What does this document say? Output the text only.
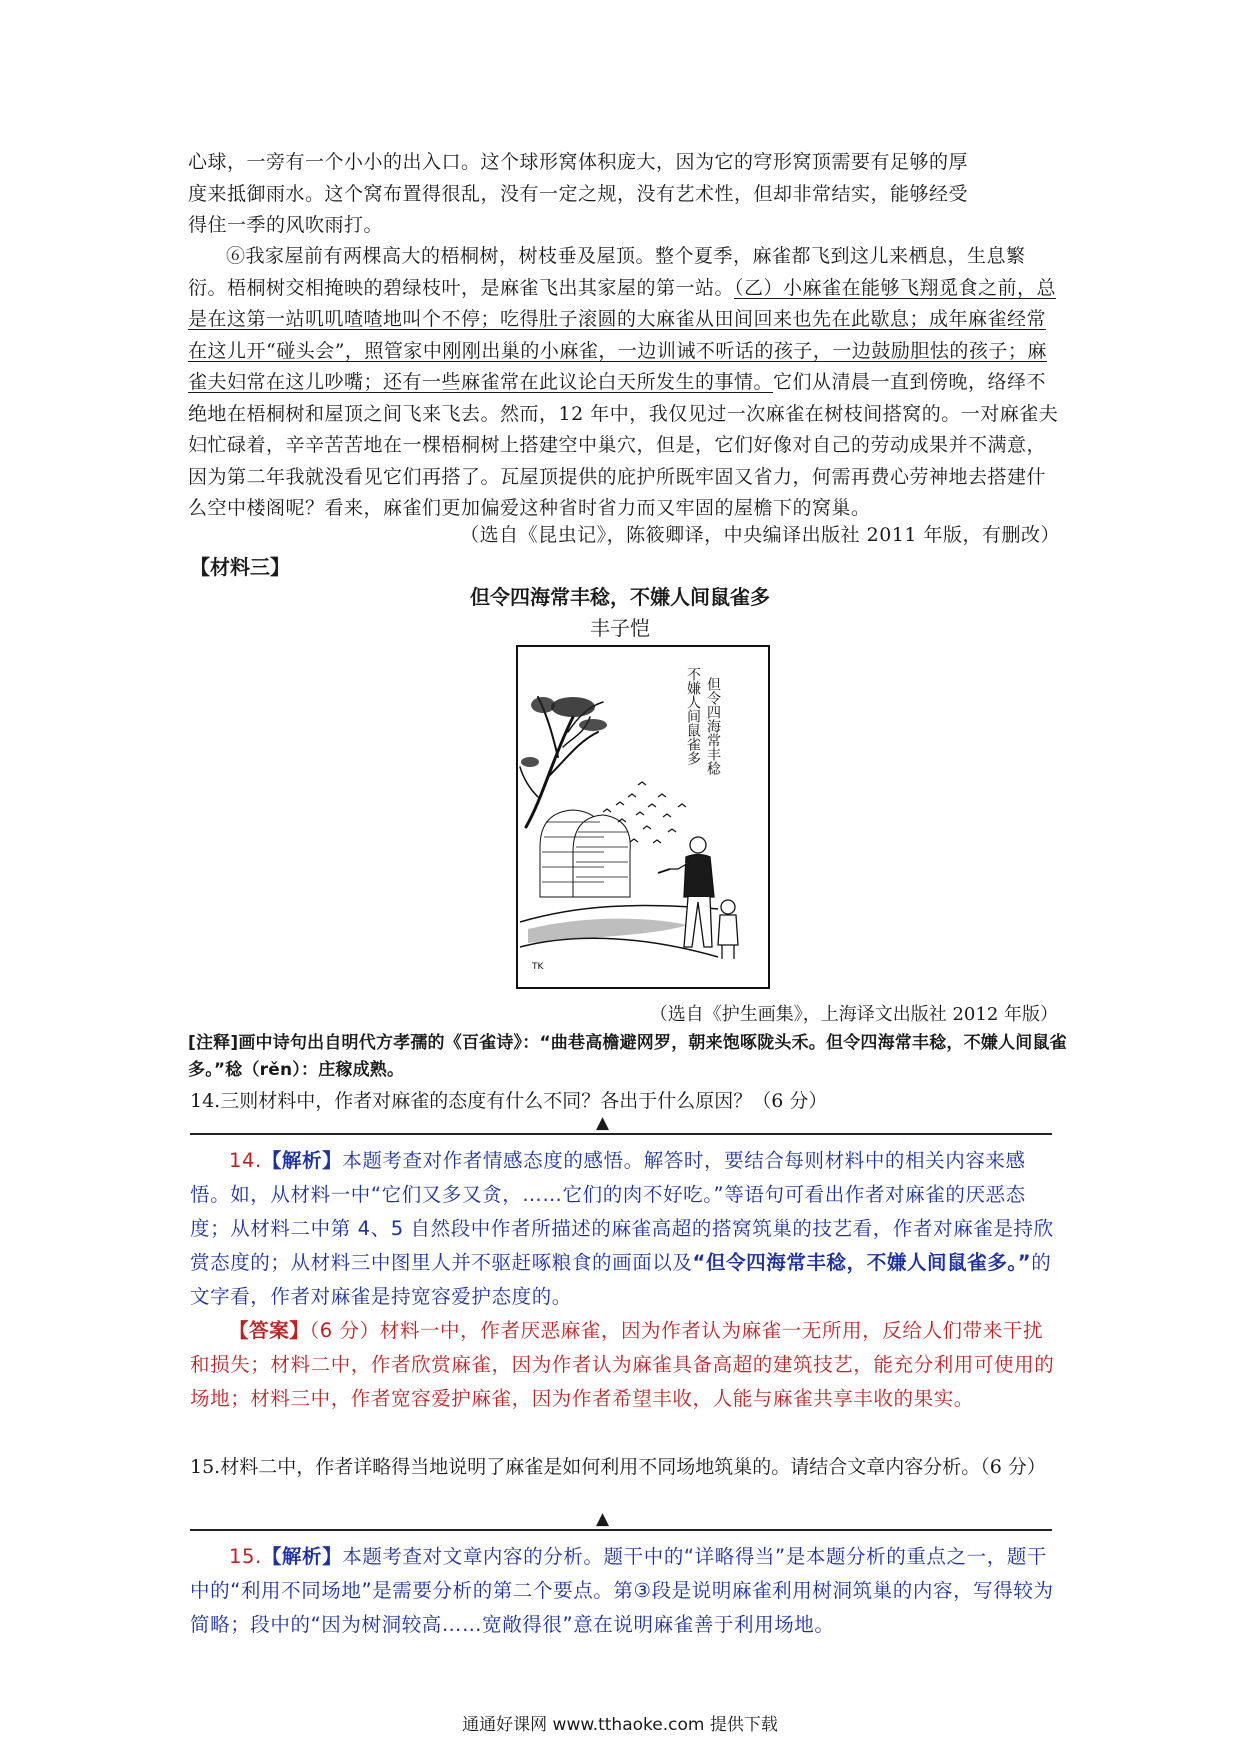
心球，一旁有一个小小的出入口。这个球形窝体积庞大，因为它的穹形窝顶需要有足够的厚

度来抵御雨水。这个窝布置得很乱，没有一定之规，没有艺术性，但却非常结实，能够经受

得住一季的风吹雨打。

⑥我家屋前有两棵高大的梧桐树，树枝垂及屋顶。整个夏季，麻雀都飞到这儿来栖息，生息繁衍。梧桐树交相掩映的碧绿枝叶，是麻雀飞出其家屋的第一站。（乙）小麻雀在能够飞翔觅食之前，总是在这第一站叽叽喳喳地叫个不停；吃得肚子滚圆的大麻雀从田间回来也先在此歇息；成年麻雀经常在这儿开“碰头会”，照管家中刚刚出巢的小麻雀，一边训诫不听话的孩子，一边鼓励胆怯的孩子；麻雀夫妇常在这儿吵嘴；还有一些麻雀常在此议论白天所发生的事情。它们从清晨一直到傍晚，络绎不绝地在梧桐树和屋顶之间飞来飞去。然而，12 年中，我仅见过一次麻雀在树枝间搭窝的。一对麻雀夫妇忙碌着，辛辛苦苦地在一棵梧桐树上搭建空中巢穴，但是，它们好像对自己的劳动成果并不满意，因为第二年我就没看见它们再搭了。瓦屋顶提供的庇护所既牢固又省力，何需再费心劳神地去搭建什么空中楼阁呢？看来，麻雀们更加偏爱这种省时省力而又牢固的屋檐下的窝巢。
（选自《昆虫记》，陈筱卿译，中央编译出版社 2011 年版，有删改）
【材料三】
但令四海常丰稔，不嫌人间鼠雀多
丰子恺
但令四海常丰稔
不嫌人间鼠雀多
TK
（选自《护生画集》，上海译文出版社 2012 年版）
[注释]画中诗句出自明代方孝孺的《百雀诗》：“曲巷高檐避网罗，朝来饱啄陇头禾。但令四海常丰稔，不嫌人间鼠雀多。”稔（rěn）：庄稼成熟。
14.三则材料中，作者对麻雀的态度有什么不同？各出于什么原因？（6 分）
▲
14.【解析】本题考查对作者情感态度的感悟。解答时，要结合每则材料中的相关内容来感悟。如，从材料一中“它们又多又贪，……它们的肉不好吃。”等语句可看出作者对麻雀的厌恶态度；从材料二中第 4、5 自然段中作者所描述的麻雀高超的搭窝筑巢的技艺看，作者对麻雀是持欣赏态度的；从材料三中图里人并不驱赶啄粮食的画面以及“但令四海常丰稔，不嫌人间鼠雀多。”的文字看，作者对麻雀是持宽容爱护态度的。
【答案】（6 分）材料一中，作者厌恶麻雀，因为作者认为麻雀一无所用，反给人们带来干扰和损失；材料二中，作者欣赏麻雀，因为作者认为麻雀具备高超的建筑技艺，能充分利用可使用的场地；材料三中，作者宽容爱护麻雀，因为作者希望丰收，人能与麻雀共享丰收的果实。
15.材料二中，作者详略得当地说明了麻雀是如何利用不同场地筑巢的。请结合文章内容分析。（6 分）
▲
15.【解析】本题考查对文章内容的分析。题干中的“详略得当”是本题分析的重点之一，题干中的“利用不同场地”是需要分析的第二个要点。第③段是说明麻雀利用树洞筑巢的内容，写得较为简略；段中的“因为树洞较高……宽敞得很”意在说明麻雀善于利用场地。
通通好课网 www.tthaoke.com 提供下载
